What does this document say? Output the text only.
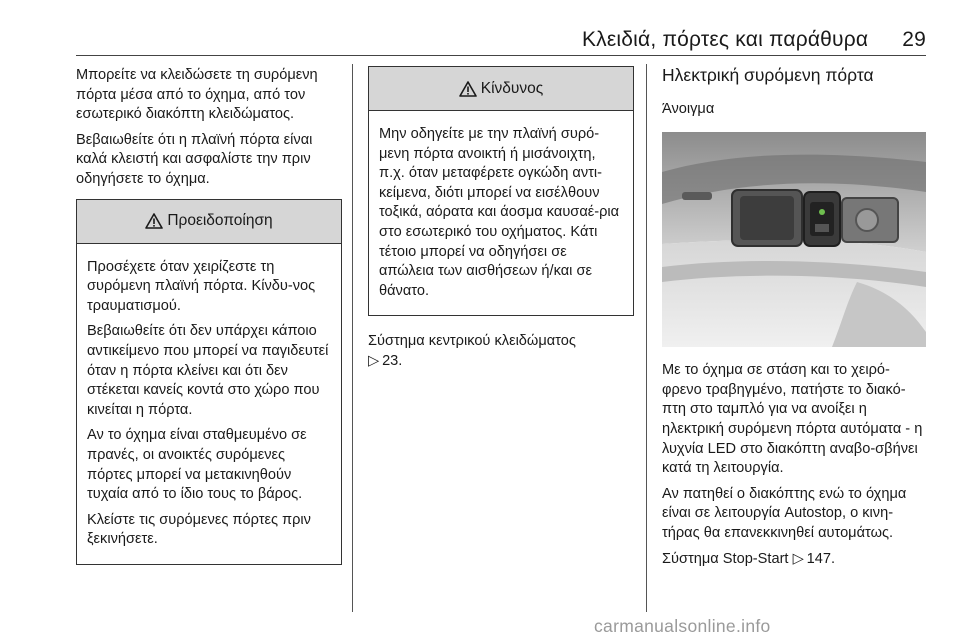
Κλειδιά, πόρτες και παράθυρα 29

Μπορείτε να κλειδώσετε τη συρόμενη πόρτα μέσα από το όχημα, από τον εσωτερικό διακόπτη κλειδώματος.

Βεβαιωθείτε ότι η πλαϊνή πόρτα είναι καλά κλειστή και ασφαλίστε την πριν οδηγήσετε το όχημα.

Προειδοποίηση

Προσέχετε όταν χειρίζεστε τη συρόμενη πλαϊνή πόρτα. Κίνδυ-νος τραυματισμού.

Βεβαιωθείτε ότι δεν υπάρχει κάποιο αντικείμενο που μπορεί να παγιδευτεί όταν η πόρτα κλείνει και ότι δεν στέκεται κανείς κοντά στο χώρο που κινείται η πόρτα.

Αν το όχημα είναι σταθμευμένο σε πρανές, οι ανοικτές συρόμενες πόρτες μπορεί να μετακινηθούν τυχαία από το ίδιο τους το βάρος.

Κλείστε τις συρόμενες πόρτες πριν ξεκινήσετε.

Κίνδυνος

Μην οδηγείτε με την πλαϊνή συρό-μενη πόρτα ανοικτή ή μισάνοιχτη, π.χ. όταν μεταφέρετε ογκώδη αντι-κείμενα, διότι μπορεί να εισέλθουν τοξικά, αόρατα και άοσμα καυσαέ-ρια στο εσωτερικό του οχήματος. Κάτι τέτοιο μπορεί να οδηγήσει σε απώλεια των αισθήσεων ή/και σε θάνατο.

Σύστημα κεντρικού κλειδώματος
▷ 23.

Ηλεκτρική συρόμενη πόρτα
Άνοιγμα

Με το όχημα σε στάση και το χειρό-φρενο τραβηγμένο, πατήστε το διακό-πτη στο ταμπλό για να ανοίξει η ηλεκτρική συρόμενη πόρτα αυτόματα - η λυχνία LED στο διακόπτη αναβο-σβήνει κατά τη λειτουργία.

Αν πατηθεί ο διακόπτης ενώ το όχημα είναι σε λειτουργία Autostop, ο κινη-τήρας θα επανεκκινηθεί αυτομάτως.

Σύστημα Stop-Start ▷ 147.

carmanualsonline.info
